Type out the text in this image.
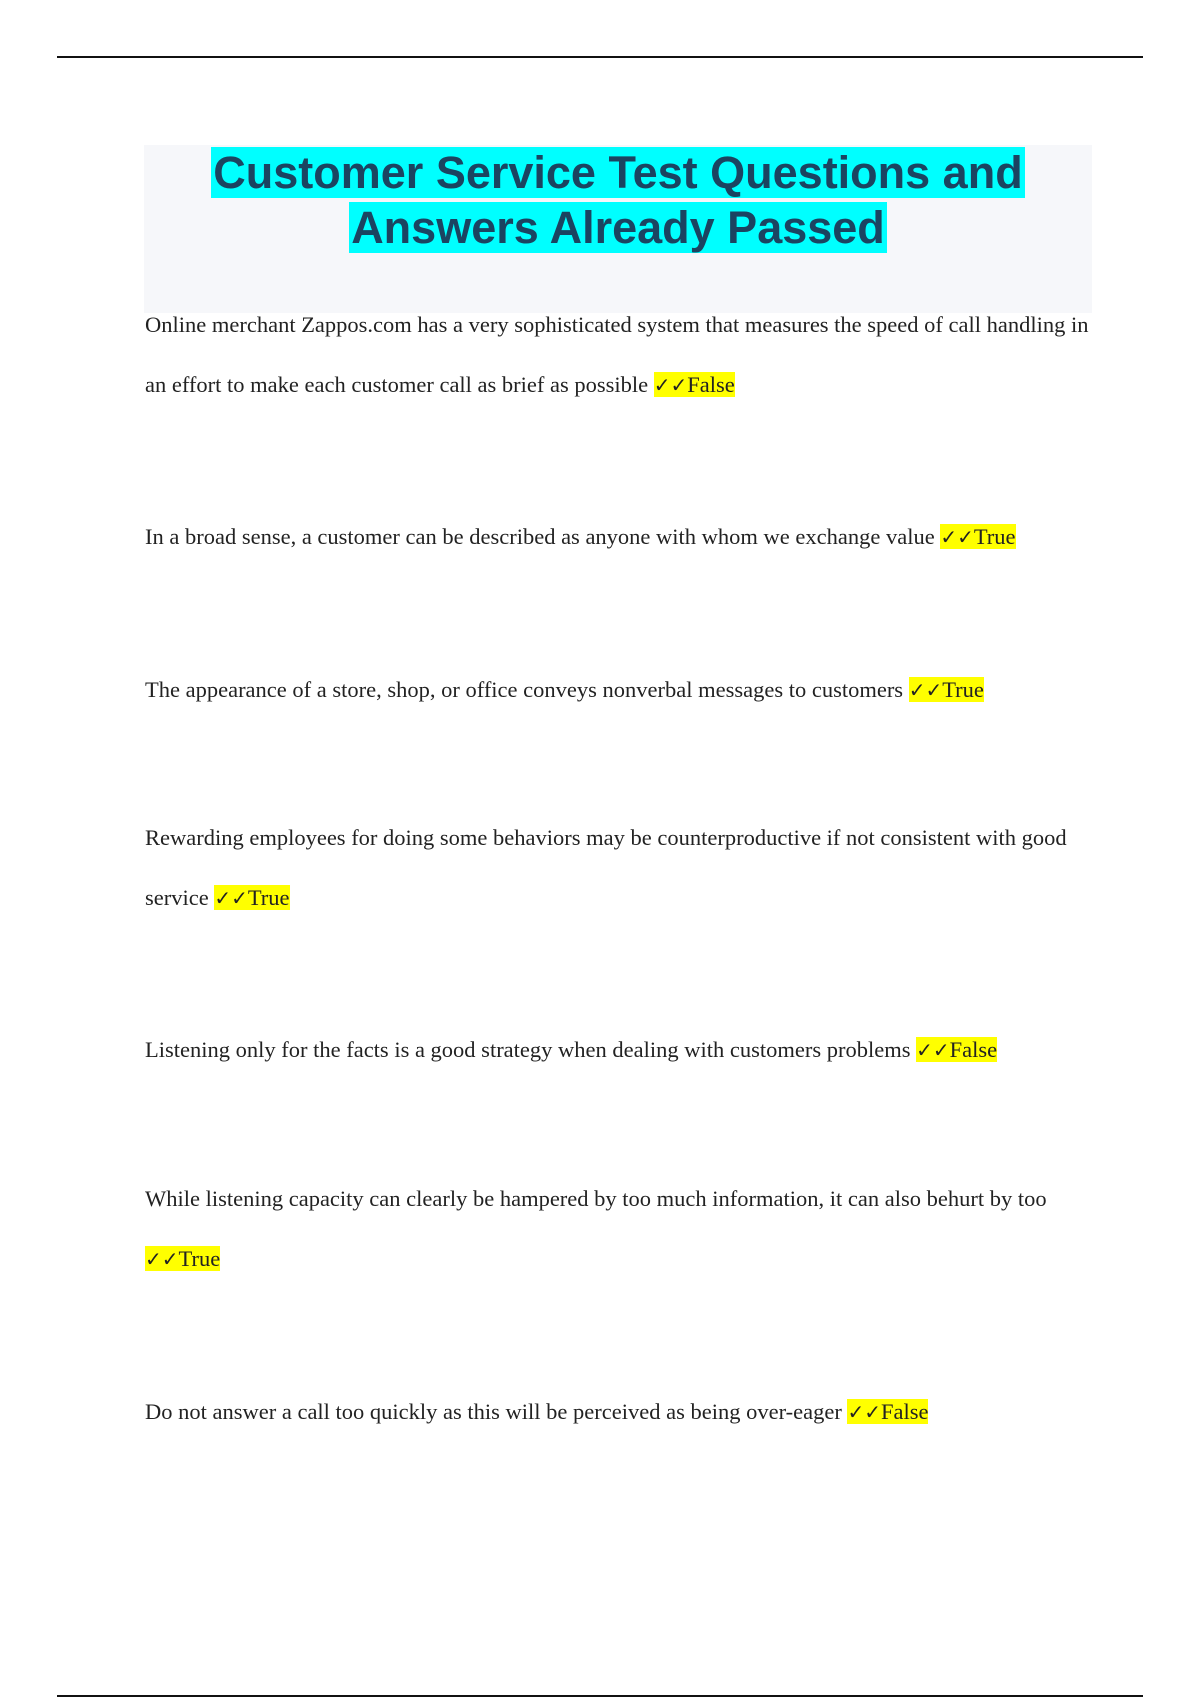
Customer Service Test Questions and
Answers Already Passed
Online merchant Zappos.com has a very sophisticated system that measures the speed of call handling in an effort to make each customer call as brief as possible ✓✓False
In a broad sense, a customer can be described as anyone with whom we exchange value ✓✓True
The appearance of a store, shop, or office conveys nonverbal messages to customers ✓✓True
Rewarding employees for doing some behaviors may be counterproductive if not consistent with good service ✓✓True
Listening only for the facts is a good strategy when dealing with customers problems ✓✓False
While listening capacity can clearly be hampered by too much information, it can also behurt by too ✓✓True
Do not answer a call too quickly as this will be perceived as being over-eager ✓✓False
